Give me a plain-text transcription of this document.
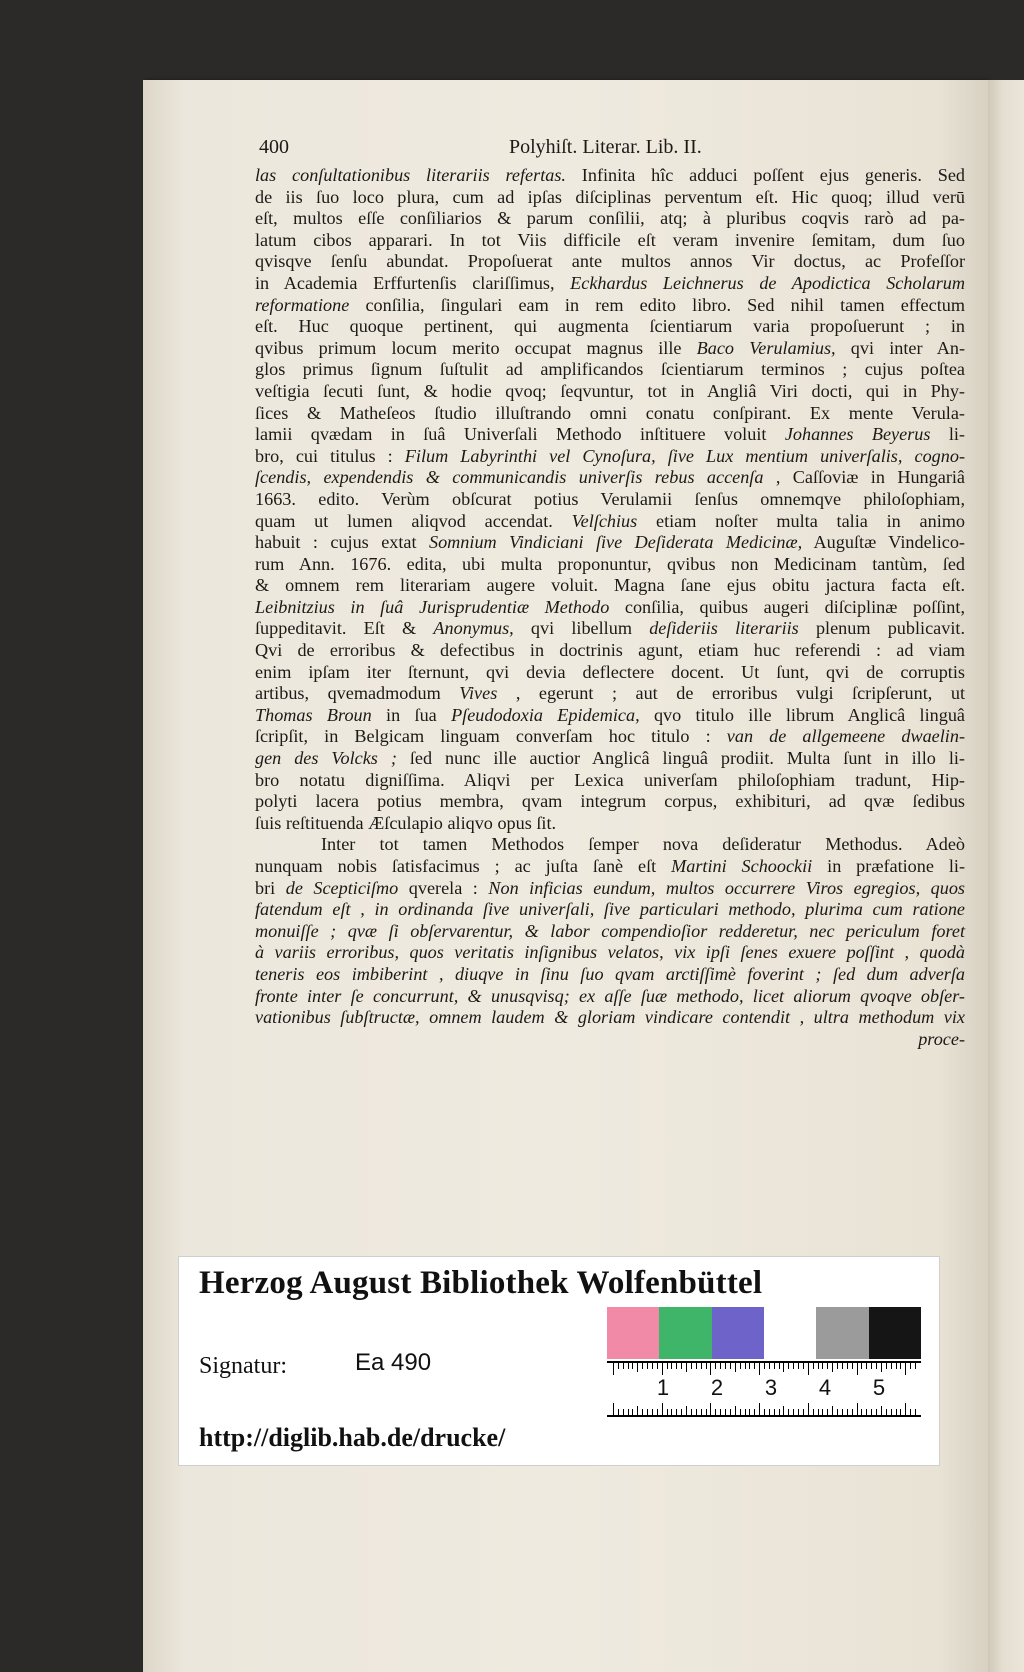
400	Polyhiſt. Literar. Lib. II.
las conſultationibus literariis refertas. Infinita hîc adduci poſſent ejus generis. Sed
de iis ſuo loco plura, cum ad ipſas diſciplinas perventum eſt. Hic quoq; illud verū
eſt, multos eſſe conſiliarios & parum conſilii, atq; à pluribus coqvis rarò ad pa-
latum cibos apparari. In tot Viis difficile eſt veram invenire ſemitam, dum ſuo
qvisqve ſenſu abundat. Propoſuerat ante multos annos Vir doctus, ac Profeſſor
in Academia Erffurtenſis clariſſimus, Eckhardus Leichnerus de Apodictica Scholarum
reformatione conſilia, ſingulari eam in rem edito libro. Sed nihil tamen effectum
eſt. Huc quoque pertinent, qui augmenta ſcientiarum varia propoſuerunt ; in
qvibus primum locum merito occupat magnus ille Baco Verulamius, qvi inter An-
glos primus ſignum ſuſtulit ad amplificandos ſcientiarum terminos ; cujus poſtea
veſtigia ſecuti ſunt, & hodie qvoq; ſeqvuntur, tot in Angliâ Viri docti, qui in Phy-
ſices & Matheſeos ſtudio illuſtrando omni conatu conſpirant. Ex mente Verula-
lamii qvædam in ſuâ Univerſali Methodo inſtituere voluit Johannes Beyerus li-
bro, cui titulus : Filum Labyrinthi vel Cynoſura, ſive Lux mentium univerſalis, cogno-
ſcendis, expendendis & communicandis univerſis rebus accenſa , Caſſoviæ in Hungariâ
1663. edito. Verùm obſcurat potius Verulamii ſenſus omnemqve philoſophiam,
quam ut lumen aliqvod accendat. Velſchius etiam noſter multa talia in animo
habuit : cujus extat Somnium Vindiciani ſive Deſiderata Medicinæ, Auguſtæ Vindelico-
rum Ann. 1676. edita, ubi multa proponuntur, qvibus non Medicinam tantùm, ſed
& omnem rem literariam augere voluit. Magna ſane ejus obitu jactura facta eſt.
Leibnitzius in ſuâ Jurisprudentiæ Methodo conſilia, quibus augeri diſciplinæ poſſint,
ſuppeditavit. Eſt & Anonymus, qvi libellum deſideriis literariis plenum publicavit.
Qvi de erroribus & defectibus in doctrinis agunt, etiam huc referendi : ad viam
enim ipſam iter ſternunt, qvi devia deflectere docent. Ut ſunt, qvi de corruptis
artibus, qvemadmodum Vives , egerunt ; aut de erroribus vulgi ſcripſerunt, ut
Thomas Broun in ſua Pſeudodoxia Epidemica, qvo titulo ille librum Anglicâ linguâ
ſcripſit, in Belgicam linguam converſam hoc titulo : van de allgemeene dwaelin-
gen des Volcks ; ſed nunc ille auctior Anglicâ linguâ prodiit. Multa ſunt in illo li-
bro notatu digniſſima. Aliqvi per Lexica univerſam philoſophiam tradunt, Hip-
polyti lacera potius membra, qvam integrum corpus, exhibituri, ad qvæ ſedibus
ſuis reſtituenda Æſculapio aliqvo opus ſit.
Inter tot tamen Methodos ſemper nova deſideratur Methodus. Adeò
nunquam nobis ſatisfacimus ; ac juſta ſanè eſt Martini Schoockii in præfatione li-
bri de Scepticiſmo qverela : Non inficias eundum, multos occurrere Viros egregios, quos
fatendum eſt , in ordinanda ſive univerſali, ſive particulari methodo, plurima cum ratione
monuiſſe ; qvæ ſi obſervarentur, & labor compendioſior redderetur, nec periculum foret
à variis erroribus, quos veritatis inſignibus velatos, vix ipſi ſenes exuere poſſint , quodà
teneris eos imbiberint , diuqve in ſinu ſuo qvam arctiſſimè foverint ; ſed dum adverſa
fronte inter ſe concurrunt, & unusqvisq; ex aſſe ſuæ methodo, licet aliorum qvoqve obſer-
vationibus ſubſtructæ, omnem laudem & gloriam vindicare contendit , ultra methodum vix
proce-
Herzog August Bibliothek Wolfenbüttel
1 2 3 4 5
Signatur:	Ea 490
http://diglib.hab.de/drucke/
